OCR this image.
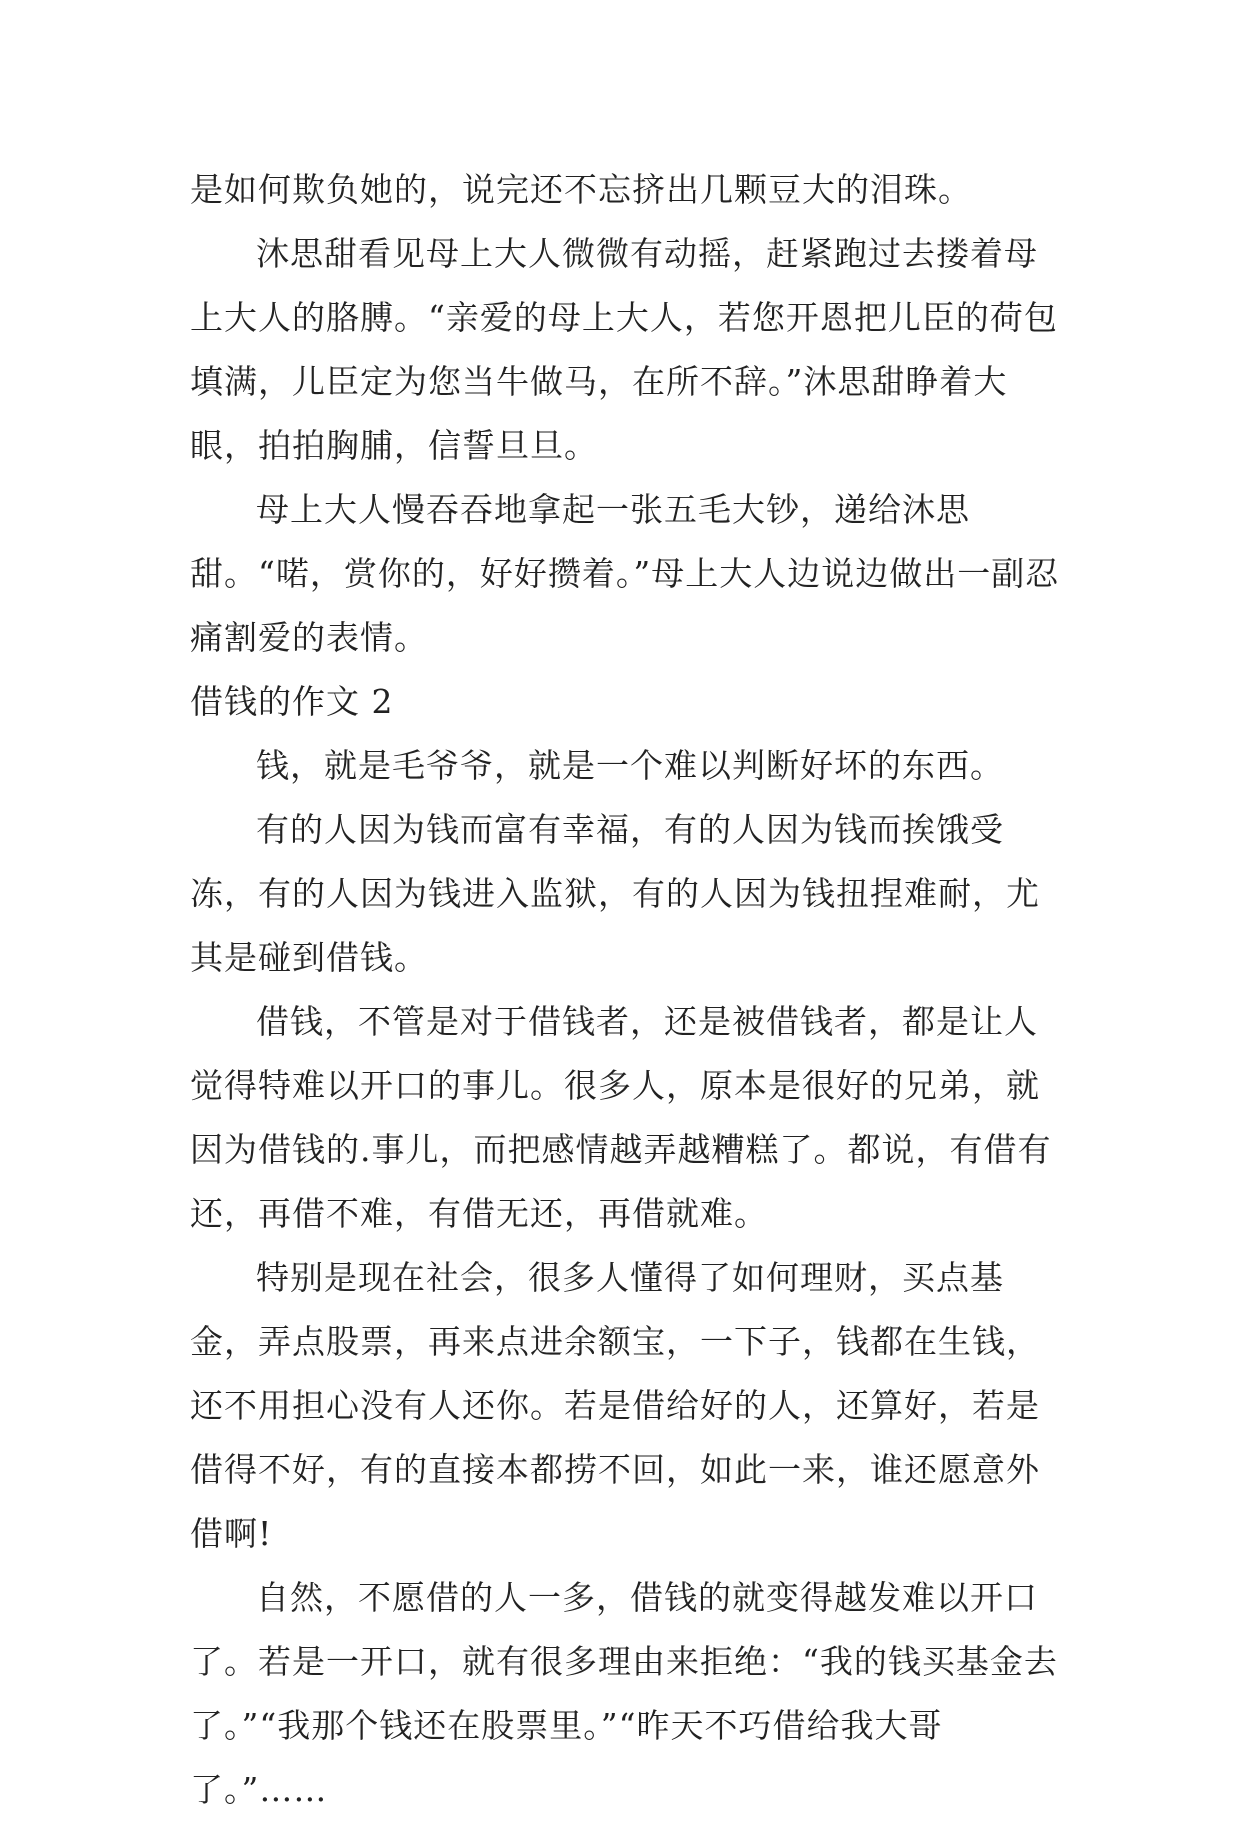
是如何欺负她的，说完还不忘挤出几颗豆大的泪珠。

沐思甜看见母上大人微微有动摇，赶紧跑过去搂着母上大人的胳膊。“亲爱的母上大人，若您开恩把儿臣的荷包填满，儿臣定为您当牛做马，在所不辞。”沐思甜睁着大眼，拍拍胸脯，信誓旦旦。

母上大人慢吞吞地拿起一张五毛大钞，递给沐思甜。“喏，赏你的，好好攒着。”母上大人边说边做出一副忍痛割爱的表情。

借钱的作文 2

钱，就是毛爷爷，就是一个难以判断好坏的东西。

有的人因为钱而富有幸福，有的人因为钱而挨饿受冻，有的人因为钱进入监狱，有的人因为钱扭捏难耐，尤其是碰到借钱。

借钱，不管是对于借钱者，还是被借钱者，都是让人觉得特难以开口的事儿。很多人，原本是很好的兄弟，就因为借钱的.事儿，而把感情越弄越糟糕了。都说，有借有还，再借不难，有借无还，再借就难。

特别是现在社会，很多人懂得了如何理财，买点基金，弄点股票，再来点进余额宝，一下子，钱都在生钱，还不用担心没有人还你。若是借给好的人，还算好，若是借得不好，有的直接本都捞不回，如此一来，谁还愿意外借啊!

自然，不愿借的人一多，借钱的就变得越发难以开口了。若是一开口，就有很多理由来拒绝：“我的钱买基金去了。”“我那个钱还在股票里。”“昨天不巧借给我大哥了。”……
